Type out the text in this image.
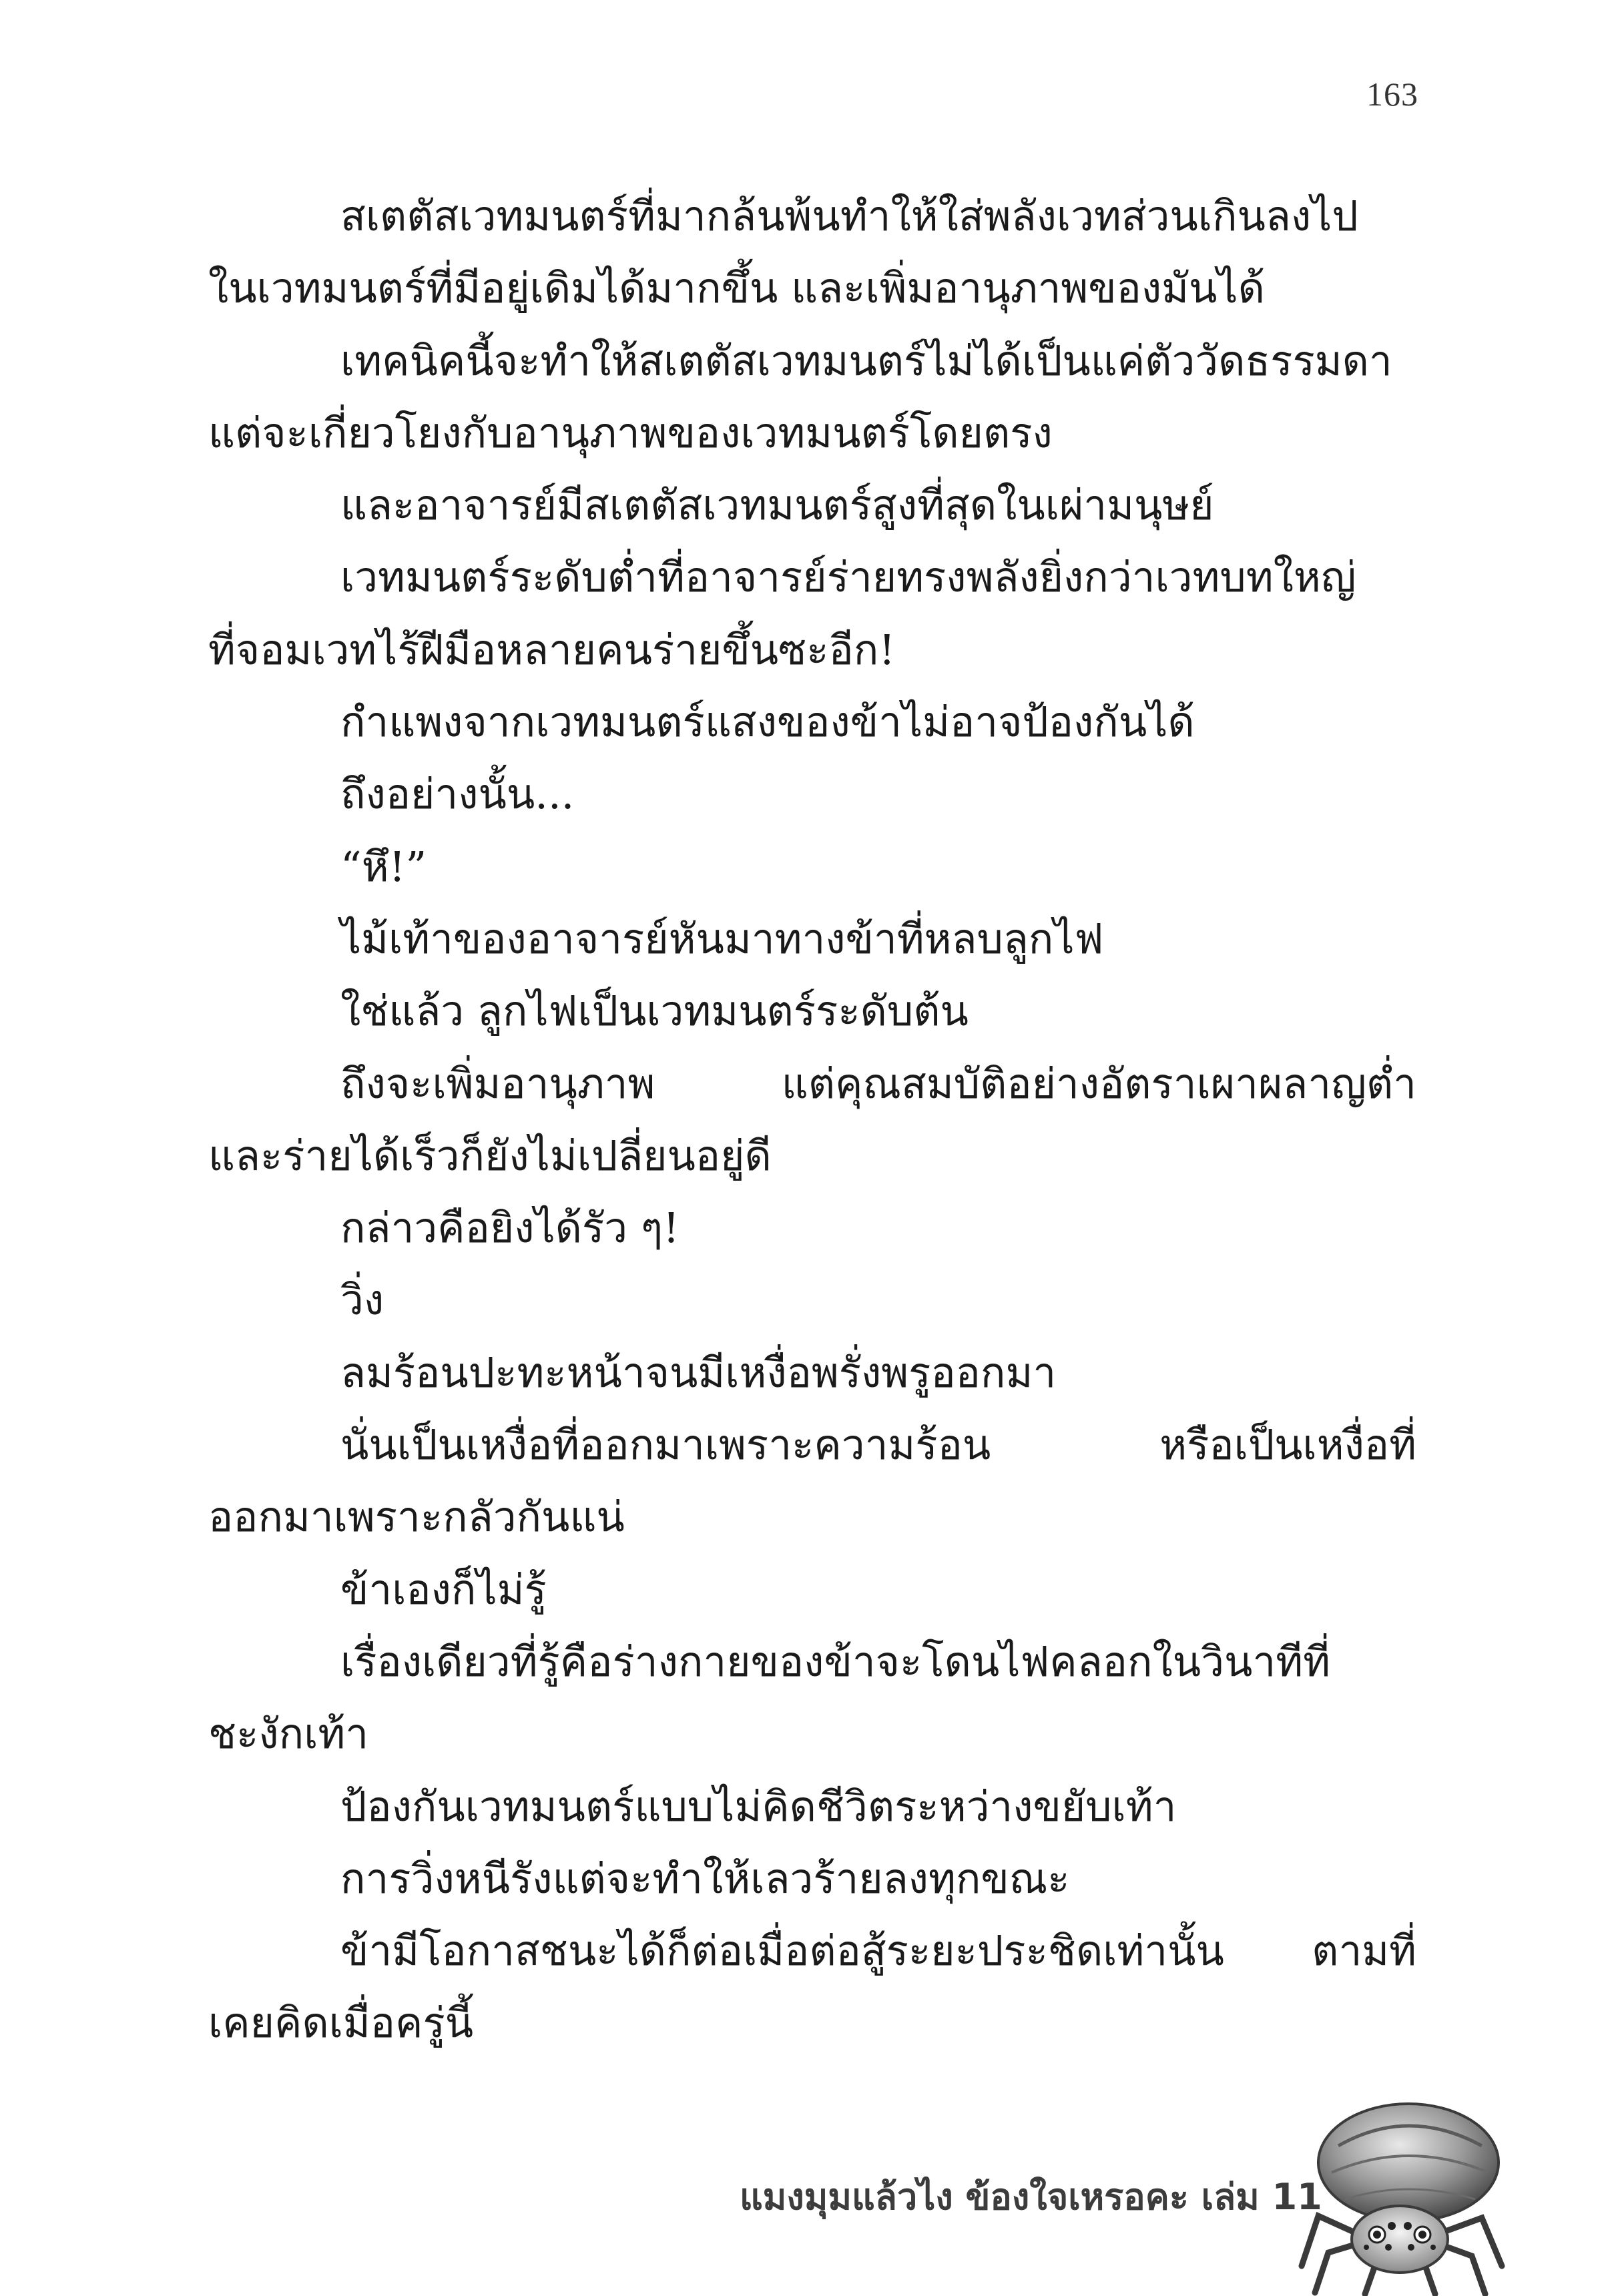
163
สเตตัสเวทมนตร์ที่มากล้นพ้นทำให้ใส่พลังเวทส่วนเกินลงไป
ในเวทมนตร์ที่มีอยู่เดิมได้มากขึ้น และเพิ่มอานุภาพของมันได้
เทคนิคนี้จะทำให้สเตตัสเวทมนตร์ไม่ได้เป็นแค่ตัววัดธรรมดา
แต่จะเกี่ยวโยงกับอานุภาพของเวทมนตร์โดยตรง
และอาจารย์มีสเตตัสเวทมนตร์สูงที่สุดในเผ่ามนุษย์
เวทมนตร์ระดับต่ำที่อาจารย์ร่ายทรงพลังยิ่งกว่าเวทบทใหญ่
ที่จอมเวทไร้ฝีมือหลายคนร่ายขึ้นซะอีก!
กำแพงจากเวทมนตร์แสงของข้าไม่อาจป้องกันได้
ถึงอย่างนั้น...
“หึ!”
ไม้เท้าของอาจารย์หันมาทางข้าที่หลบลูกไฟ
ใช่แล้ว ลูกไฟเป็นเวทมนตร์ระดับต้น
ถึงจะเพิ่มอานุภาพ แต่คุณสมบัติอย่างอัตราเผาผลาญต่ำ
และร่ายได้เร็วก็ยังไม่เปลี่ยนอยู่ดี
กล่าวคือยิงได้รัว ๆ!
วิ่ง
ลมร้อนปะทะหน้าจนมีเหงื่อพรั่งพรูออกมา
นั่นเป็นเหงื่อที่ออกมาเพราะความร้อน หรือเป็นเหงื่อที่
ออกมาเพราะกลัวกันแน่
ข้าเองก็ไม่รู้
เรื่องเดียวที่รู้คือร่างกายของข้าจะโดนไฟคลอกในวินาทีที่
ชะงักเท้า
ป้องกันเวทมนตร์แบบไม่คิดชีวิตระหว่างขยับเท้า
การวิ่งหนีรังแต่จะทำให้เลวร้ายลงทุกขณะ
ข้ามีโอกาสชนะได้ก็ต่อเมื่อต่อสู้ระยะประชิดเท่านั้น ตามที่
เคยคิดเมื่อครู่นี้
แมงมุมแล้วไง ข้องใจเหรอคะ เล่ม 11
